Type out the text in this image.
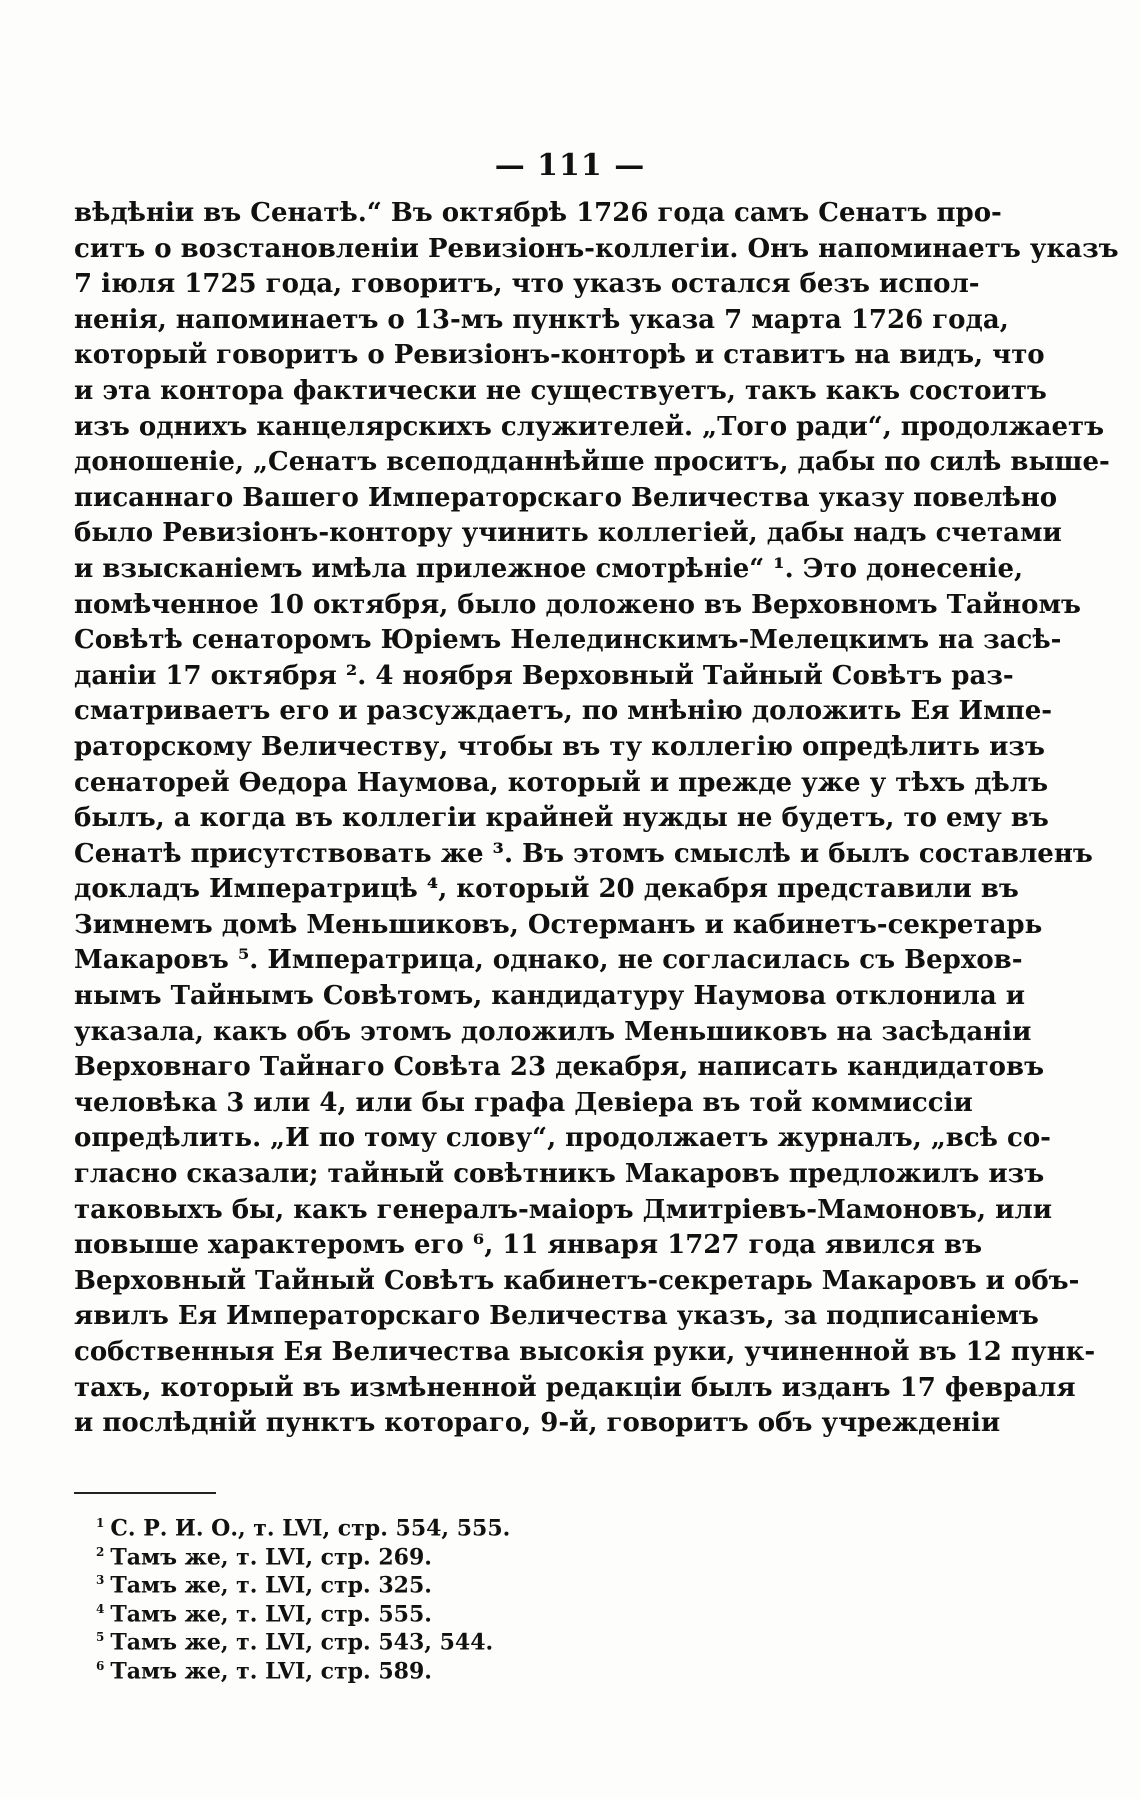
— 111 —
вѣдѣніи въ Сенатѣ.“ Въ октябрѣ 1726 года самъ Сенатъ про-
ситъ о возстановленіи Ревизіонъ-коллегіи. Онъ напоминаетъ указъ
7 іюля 1725 года, говоритъ, что указъ остался безъ испол-
ненія, напоминаетъ о 13-мъ пунктѣ указа 7 марта 1726 года,
который говоритъ о Ревизіонъ-конторѣ и ставитъ на видъ, что
и эта контора фактически не существуетъ, такъ какъ состоитъ
изъ однихъ канцелярскихъ служителей. „Того ради“, продолжаетъ
доношеніе, „Сенатъ всеподданнѣйше проситъ, дабы по силѣ выше-
писаннаго Вашего Императорскаго Величества указу повелѣно
было Ревизіонъ-контору учинить коллегіей, дабы надъ счетами
и взысканіемъ имѣла прилежное смотрѣніе“ ¹. Это донесеніе,
помѣченное 10 октября, было доложено въ Верховномъ Тайномъ
Совѣтѣ сенаторомъ Юріемъ Нелединскимъ-Мелецкимъ на засѣ-
даніи 17 октября ². 4 ноября Верховный Тайный Совѣтъ раз-
сматриваетъ его и разсуждаетъ, по мнѣнію доложить Ея Импе-
раторскому Величеству, чтобы въ ту коллегію опредѣлить изъ
сенаторей Өедора Наумова, который и прежде уже у тѣхъ дѣлъ
былъ, а когда въ коллегіи крайней нужды не будетъ, то ему въ
Сенатѣ присутствовать же ³. Въ этомъ смыслѣ и былъ составленъ
докладъ Императрицѣ ⁴, который 20 декабря представили въ
Зимнемъ домѣ Меньшиковъ, Остерманъ и кабинетъ-секретарь
Макаровъ ⁵. Императрица, однако, не согласилась съ Верхов-
нымъ Тайнымъ Совѣтомъ, кандидатуру Наумова отклонила и
указала, какъ объ этомъ доложилъ Меньшиковъ на засѣданіи
Верховнаго Тайнаго Совѣта 23 декабря, написать кандидатовъ
человѣка 3 или 4, или бы графа Девіера въ той коммиссіи
опредѣлить. „И по тому слову“, продолжаетъ журналъ, „всѣ со-
гласно сказали; тайный совѣтникъ Макаровъ предложилъ изъ
таковыхъ бы, какъ генералъ-маіоръ Дмитріевъ-Мамоновъ, или
повыше характеромъ его ⁶, 11 января 1727 года явился въ
Верховный Тайный Совѣтъ кабинетъ-секретарь Макаровъ и объ-
явилъ Ея Императорскаго Величества указъ, за подписаніемъ
собственныя Ея Величества высокія руки, учиненной въ 12 пунк-
тахъ, который въ измѣненной редакціи былъ изданъ 17 февраля
и послѣдній пунктъ котораго, 9-й, говоритъ объ учрежденіи
$^1$ С. Р. И. О., т. LVI, стр. 554, 555.
$^2$ Тамъ же, т. LVI, стр. 269.
$^3$ Тамъ же, т. LVI, стр. 325.
$^4$ Тамъ же, т. LVI, стр. 555.
$^5$ Тамъ же, т. LVI, стр. 543, 544.
$^6$ Тамъ же, т. LVI, стр. 589.
